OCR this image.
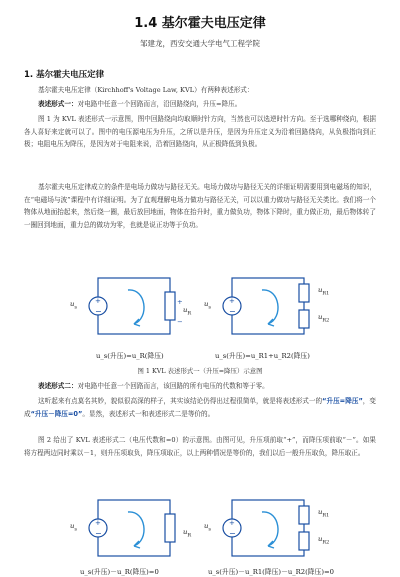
1.4 基尔霍夫电压定律
邹建龙，西安交通大学电气工程学院
1. 基尔霍夫电压定律
基尔霍夫电压定律（Kirchhoff's Voltage Law, KVL）有两种表述形式：
表述形式一：对电路中任意一个回路而言，沿回路绕向，升压=降压。
图 1 为 KVL 表述形式一示意图，图中回路绕向均取顺时针方向，当然也可以选逆时针方向。至于选哪种绕向，根据各人喜好来定就可以了。图中的电压源电压为升压，之所以是升压，是因为升压定义为沿着回路绕向，从负极指向到正极；电阻电压为降压，是因为对于电阻来说，沿着回路绕向，从正极降低到负极。
基尔霍夫电压定律成立的条件是电场力做功与路径无关。电场力做功与路径无关的详细证明需要用到电磁场的知识，在“电磁场与波”课程中有详细证明。为了直观理解电场力做功与路径无关，可以以重力做功与路径无关类比。我们将一个物体从地面抬起来，然后绕一圈，最后放回地面，物体在抬升时，重力做负功，物体下降时，重力做正功，最后物体转了一圈回到地面，重力总的做功为零，也就是说正功等于负功。
+
−
$u_s$
+
−
$u_R$
u_s(升压)=u_R(降压)
+
−
$u_s$
$u_{R1}$
$u_{R2}$
u_s(升压)=u_R1+u_R2(降压)
图 1 KVL 表述形式一（升压=降压）示意图
表述形式二：对电路中任意一个回路而言，该回路的所有电压的代数和等于零。
这听起来有点莫名其妙，貌似很高深的样子，其实该结论仍得出过程很简单，就是将表述形式一的“升压=降压”，变成“升压－降压=0”。显然，表述形式一和表述形式二是等价的。
图 2 给出了 KVL 表述形式二（电压代数和=0）的示意图。由图可见，升压项前取“+”，而降压项前取“－”。如果将方程两边同时乘以－1，则升压项取负，降压项取正，以上两种情况是等价的，我们以后一般升压取负，降压取正。
+
−
$u_s$	$u_R$
u_s(升压)－u_R(降压)=0
+
−
$u_s$
$u_{R1}$
$u_{R2}$
u_s(升压)－u_R1(降压)－u_R2(降压)=0
